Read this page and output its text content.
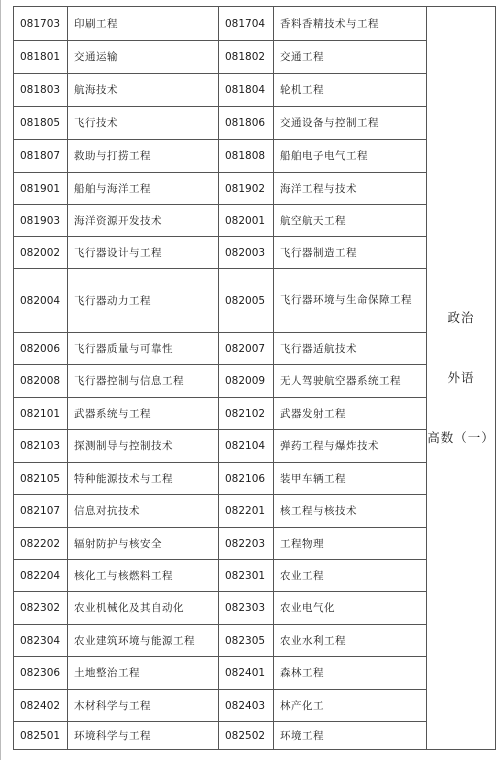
081703	印刷工程	081704	香料香精技术与工程	政治
外语
高数（一）

081801	交通运输	081802	交通工程	
081803	航海技术	081804	轮机工程	
081805	飞行技术	081806	交通设备与控制工程	
081807	救助与打捞工程	081808	船舶电子电气工程	
081901	船舶与海洋工程	081902	海洋工程与技术	
081903	海洋资源开发技术	082001	航空航天工程	
082002	飞行器设计与工程	082003	飞行器制造工程	
082004	飞行器动力工程	082005	飞行器环境与生命保障工程	
082006	飞行器质量与可靠性	082007	飞行器适航技术	
082008	飞行器控制与信息工程	082009	无人驾驶航空器系统工程	
082101	武器系统与工程	082102	武器发射工程	
082103	探测制导与控制技术	082104	弹药工程与爆炸技术	
082105	特种能源技术与工程	082106	装甲车辆工程	
082107	信息对抗技术	082201	核工程与核技术	
082202	辐射防护与核安全	082203	工程物理	
082204	核化工与核燃料工程	082301	农业工程	
082302	农业机械化及其自动化	082303	农业电气化	
082304	农业建筑环境与能源工程	082305	农业水利工程	
082306	土地整治工程	082401	森林工程	
082402	木材科学与工程	082403	林产化工	
082501	环境科学与工程	082502	环境工程	
